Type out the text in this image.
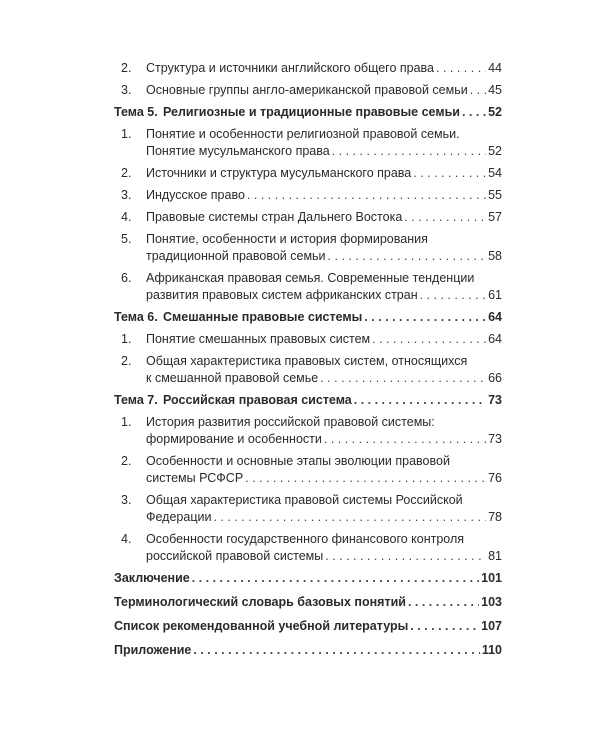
2.	Структура и источники английского общего права . . .	44
3.	Основные группы англо-американской правовой семьи . . . 45
Тема 5. Религиозные и традиционные правовые семьи . . . 52
1.	Понятие и особенности религиозной правовой семьи.
Понятие мусульманского права . . .	52
2.	Источники и структура мусульманского права . . .	54
3.	Индусское право . . .	55
4.	Правовые системы стран Дальнего Востока . . .	57
5.	Понятие, особенности и история формирования
традиционной правовой семьи . . .	58
6.	Африканская правовая семья. Современные тенденции
развития правовых систем африканских стран . . .	61
Тема 6. Смешанные правовые системы . . .	64
1.	Понятие смешанных правовых систем . . .	64
2.	Общая характеристика правовых систем, относящихся
к смешанной правовой семье . . .	66
Тема 7. Российская правовая система . . .	73
1.	История развития российской правовой системы:
формирование и особенности . . .	73
2.	Особенности и основные этапы эволюции правовой
системы РСФСР . . .	76
3.	Общая характеристика правовой системы Российской
Федерации . . .	78
4.	Особенности государственного финансового контроля
российской правовой системы . . .	81
Заключение . . .	101
Терминологический словарь базовых понятий . . .	103
Список рекомендованной учебной литературы . . .	107
Приложение . . .	110
